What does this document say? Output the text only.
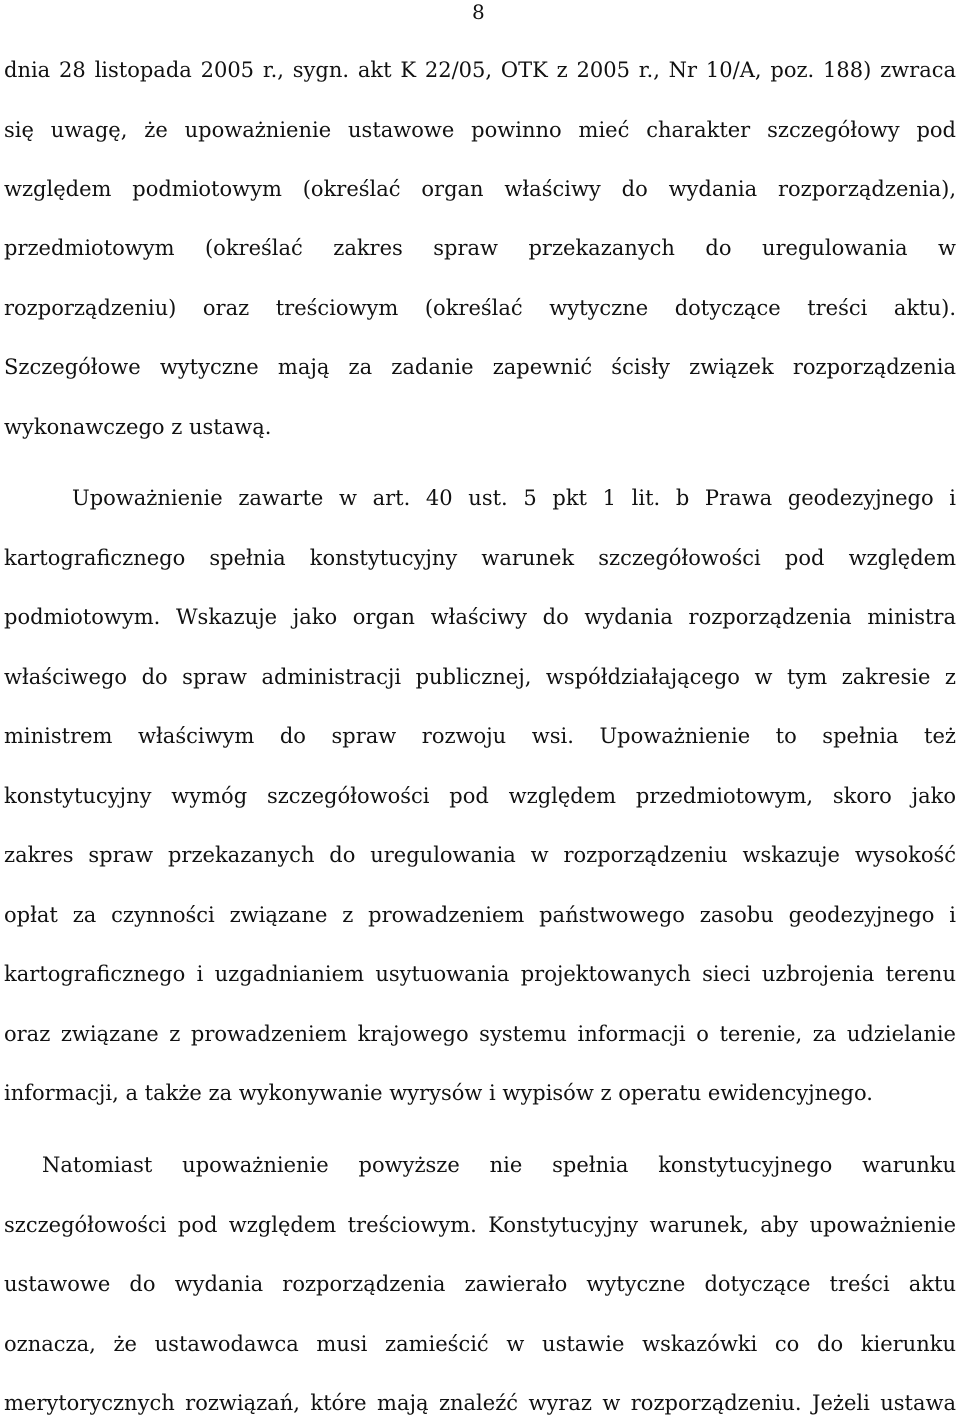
8
dnia 28 listopada 2005 r., sygn. akt K 22/05, OTK z 2005 r., Nr 10/A, poz. 188) zwraca
się uwagę, że upoważnienie ustawowe powinno mieć charakter szczegółowy pod
względem podmiotowym (określać organ właściwy do wydania rozporządzenia),
przedmiotowym (określać zakres spraw przekazanych do uregulowania w
rozporządzeniu) oraz treściowym (określać wytyczne dotyczące treści aktu).
Szczegółowe wytyczne mają za zadanie zapewnić ścisły związek rozporządzenia
wykonawczego z ustawą.
Upoważnienie zawarte w art. 40 ust. 5 pkt 1 lit. b Prawa geodezyjnego i
kartograficznego spełnia konstytucyjny warunek szczegółowości pod względem
podmiotowym. Wskazuje jako organ właściwy do wydania rozporządzenia ministra
właściwego do spraw administracji publicznej, współdziałającego w tym zakresie z
ministrem właściwym do spraw rozwoju wsi. Upoważnienie to spełnia też
konstytucyjny wymóg szczegółowości pod względem przedmiotowym, skoro jako
zakres spraw przekazanych do uregulowania w rozporządzeniu wskazuje wysokość
opłat za czynności związane z prowadzeniem państwowego zasobu geodezyjnego i
kartograficznego i uzgadnianiem usytuowania projektowanych sieci uzbrojenia terenu
oraz związane z prowadzeniem krajowego systemu informacji o terenie, za udzielanie
informacji, a także za wykonywanie wyrysów i wypisów z operatu ewidencyjnego.
Natomiast upoważnienie powyższe nie spełnia konstytucyjnego warunku
szczegółowości pod względem treściowym. Konstytucyjny warunek, aby upoważnienie
ustawowe do wydania rozporządzenia zawierało wytyczne dotyczące treści aktu
oznacza, że ustawodawca musi zamieścić w ustawie wskazówki co do kierunku
merytorycznych rozwiązań, które mają znaleźć wyraz w rozporządzeniu. Jeżeli ustawa
